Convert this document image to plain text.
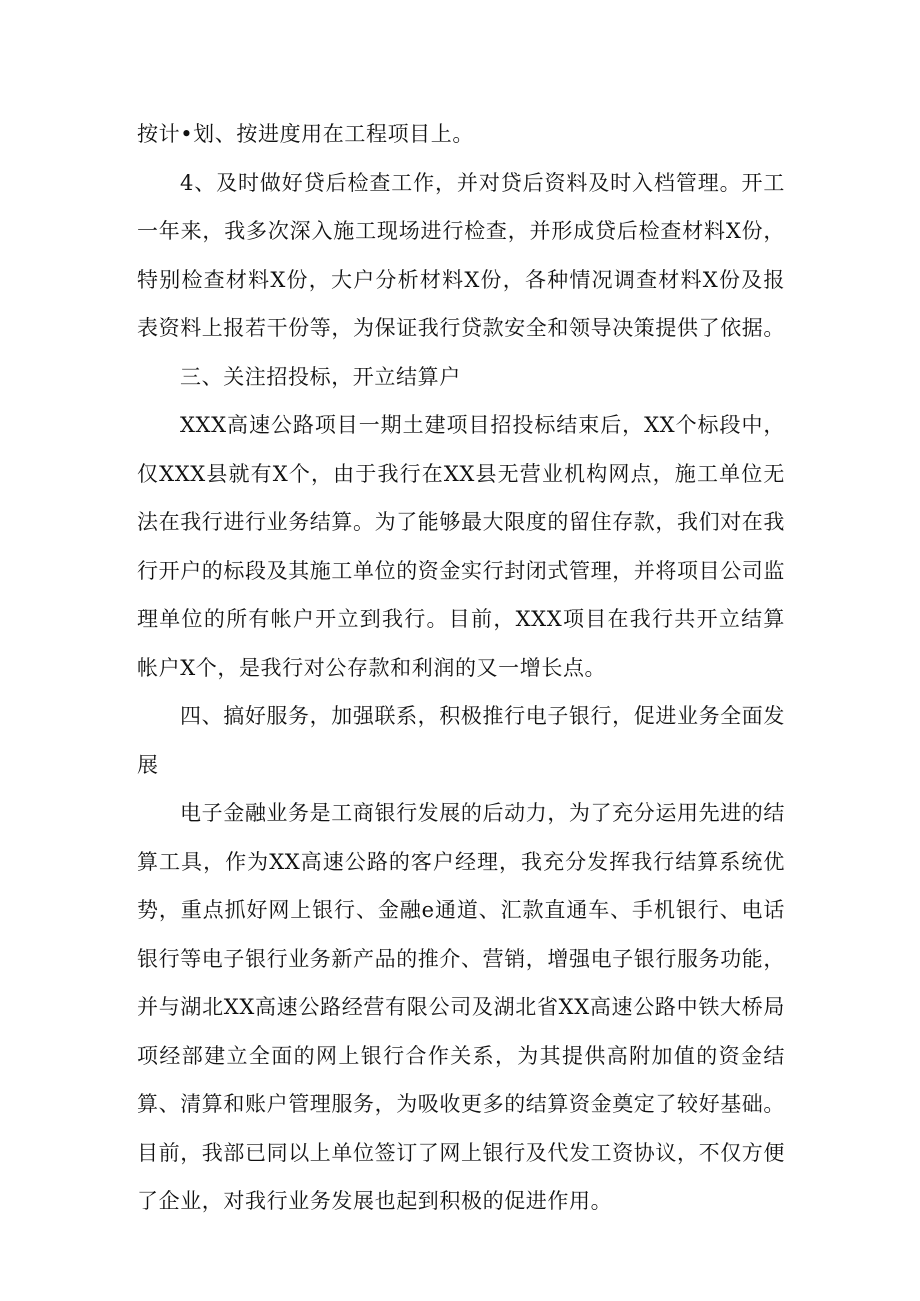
按计•划、按进度用在工程项目上。

4、及时做好贷后检查工作，并对贷后资料及时入档管理。开工一年来，我多次深入施工现场进行检查，并形成贷后检查材料X份，特别检查材料X份，大户分析材料X份，各种情况调查材料X份及报表资料上报若干份等，为保证我行贷款安全和领导决策提供了依据。

三、关注招投标，开立结算户

XXX高速公路项目一期土建项目招投标结束后，XX个标段中，仅XXX县就有X个，由于我行在XX县无营业机构网点，施工单位无法在我行进行业务结算。为了能够最大限度的留住存款，我们对在我行开户的标段及其施工单位的资金实行封闭式管理，并将项目公司监理单位的所有帐户开立到我行。目前，XXX项目在我行共开立结算帐户X个，是我行对公存款和利润的又一增长点。

四、搞好服务，加强联系，积极推行电子银行，促进业务全面发展

电子金融业务是工商银行发展的后动力，为了充分运用先进的结算工具，作为XX高速公路的客户经理，我充分发挥我行结算系统优势，重点抓好网上银行、金融e通道、汇款直通车、手机银行、电话银行等电子银行业务新产品的推介、营销，增强电子银行服务功能，并与湖北XX高速公路经营有限公司及湖北省XX高速公路中铁大桥局项经部建立全面的网上银行合作关系，为其提供高附加值的资金结算、清算和账户管理服务，为吸收更多的结算资金奠定了较好基础。目前，我部已同以上单位签订了网上银行及代发工资协议，不仅方便了企业，对我行业务发展也起到积极的促进作用。
